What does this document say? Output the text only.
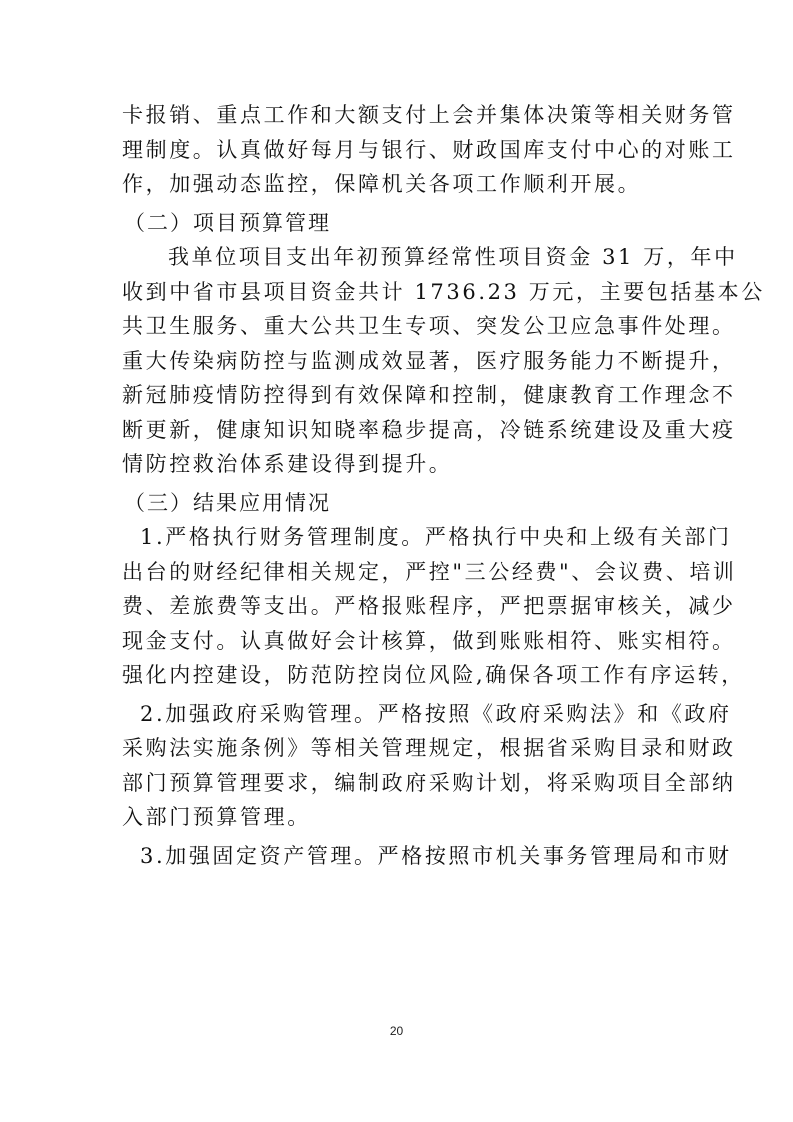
卡报销、重点工作和大额支付上会并集体决策等相关财务管
理制度。认真做好每月与银行、财政国库支付中心的对账工
作，加强动态监控，保障机关各项工作顺利开展。
（二）项目预算管理
我单位项目支出年初预算经常性项目资金 31 万，年中
收到中省市县项目资金共计 1736.23 万元，主要包括基本公
共卫生服务、重大公共卫生专项、突发公卫应急事件处理。
重大传染病防控与监测成效显著，医疗服务能力不断提升，
新冠肺疫情防控得到有效保障和控制，健康教育工作理念不
断更新，健康知识知晓率稳步提高，冷链系统建设及重大疫
情防控救治体系建设得到提升。
（三）结果应用情况
1.严格执行财务管理制度。严格执行中央和上级有关部门
出台的财经纪律相关规定，严控"三公经费"、会议费、培训
费、差旅费等支出。严格报账程序，严把票据审核关，减少
现金支付。认真做好会计核算，做到账账相符、账实相符。
强化内控建设，防范防控岗位风险,确保各项工作有序运转，
2.加强政府采购管理。严格按照《政府采购法》和《政府
采购法实施条例》等相关管理规定，根据省采购目录和财政
部门预算管理要求，编制政府采购计划，将采购项目全部纳
入部门预算管理。
3.加强固定资产管理。严格按照市机关事务管理局和市财
20
